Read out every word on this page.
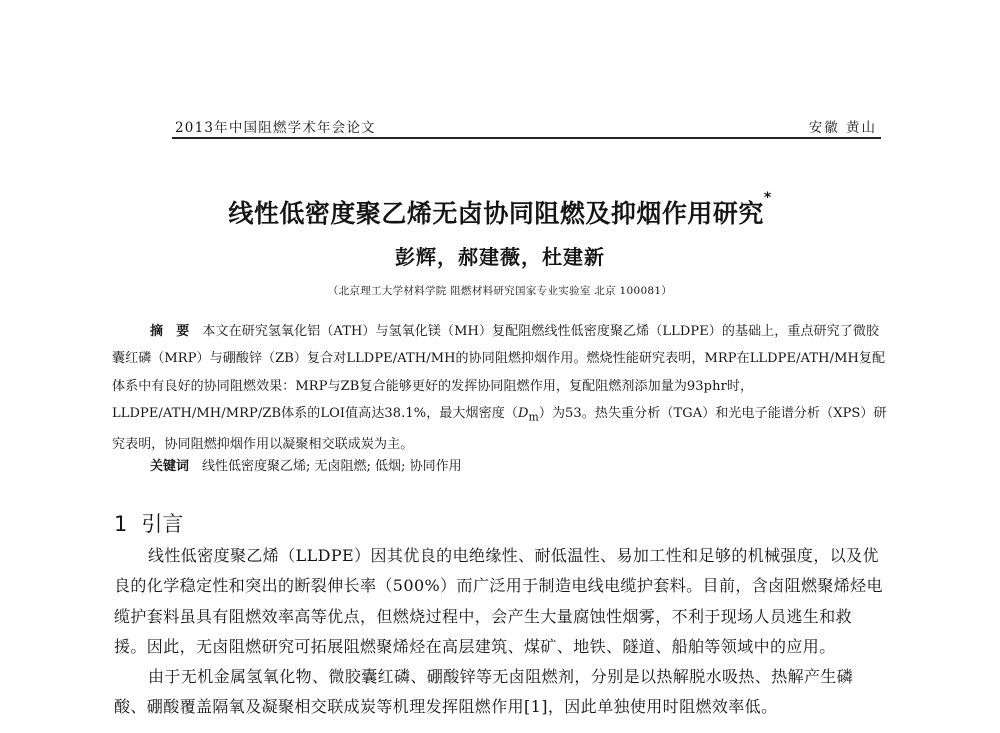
2013年中国阻燃学术年会论文	安徽 黄山
线性低密度聚乙烯无卤协同阻燃及抑烟作用研究*
彭辉，郝建薇，杜建新
（北京理工大学材料学院 阻燃材料研究国家专业实验室 北京 100081）

摘　要　 本文在研究氢氧化铝（ATH）与氢氧化镁（MH）复配阻燃线性低密度聚乙烯（LLDPE）的基础上，重点研究了微胶囊红磷（MRP）与硼酸锌（ZB）复合对LLDPE/ATH/MH的协同阻燃抑烟作用。燃烧性能研究表明，MRP在LLDPE/ATH/MH复配体系中有良好的协同阻燃效果：MRP与ZB复合能够更好的发挥协同阻燃作用，复配阻燃剂添加量为93phr时，LLDPE/ATH/MH/MRP/ZB体系的LOI值高达38.1%，最大烟密度$(D_m)$为53。热失重分析（TGA）和光电子能谱分析（XPS）研究表明，协同阻燃抑烟作用以凝聚相交联成炭为主。

关键词　 线性低密度聚乙烯; 无卤阻燃; 低烟; 协同作用
1 引言

线性低密度聚乙烯（LLDPE）因其优良的电绝缘性、耐低温性、易加工性和足够的机械强度，以及优良的化学稳定性和突出的断裂伸长率（500%）而广泛用于制造电线电缆护套料。目前，含卤阻燃聚烯烃电缆护套料虽具有阻燃效率高等优点，但燃烧过程中，会产生大量腐蚀性烟雾，不利于现场人员逃生和救援。因此，无卤阻燃研究可拓展阻燃聚烯烃在高层建筑、煤矿、地铁、隧道、船舶等领域中的应用。

由于无机金属氢氧化物、微胶囊红磷、硼酸锌等无卤阻燃剂，分别是以热解脱水吸热、热解产生磷酸、硼酸覆盖隔氧及凝聚相交联成炭等机理发挥阻燃作用[1]，因此单独使用时阻燃效率低。
